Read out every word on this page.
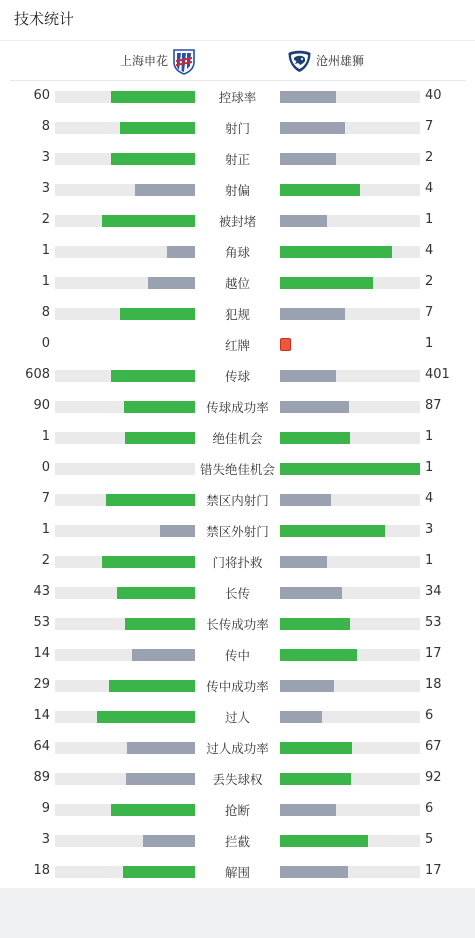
技术统计
上海申花	沧州雄狮
60	控球率	40
8	射门	7
3	射正	2
3	射偏	4
2	被封堵	1
1	角球	4
1	越位	2
8	犯规	7
0	红牌	1
608	传球	401
90	传球成功率	87
1	绝佳机会	1
0	错失绝佳机会	1
7	禁区内射门	4
1	禁区外射门	3
2	门将扑救	1
43	长传	34
53	长传成功率	53
14	传中	17
29	传中成功率	18
14	过人	6
64	过人成功率	67
89	丢失球权	92
9	抢断	6
3	拦截	5
18	解围	17
